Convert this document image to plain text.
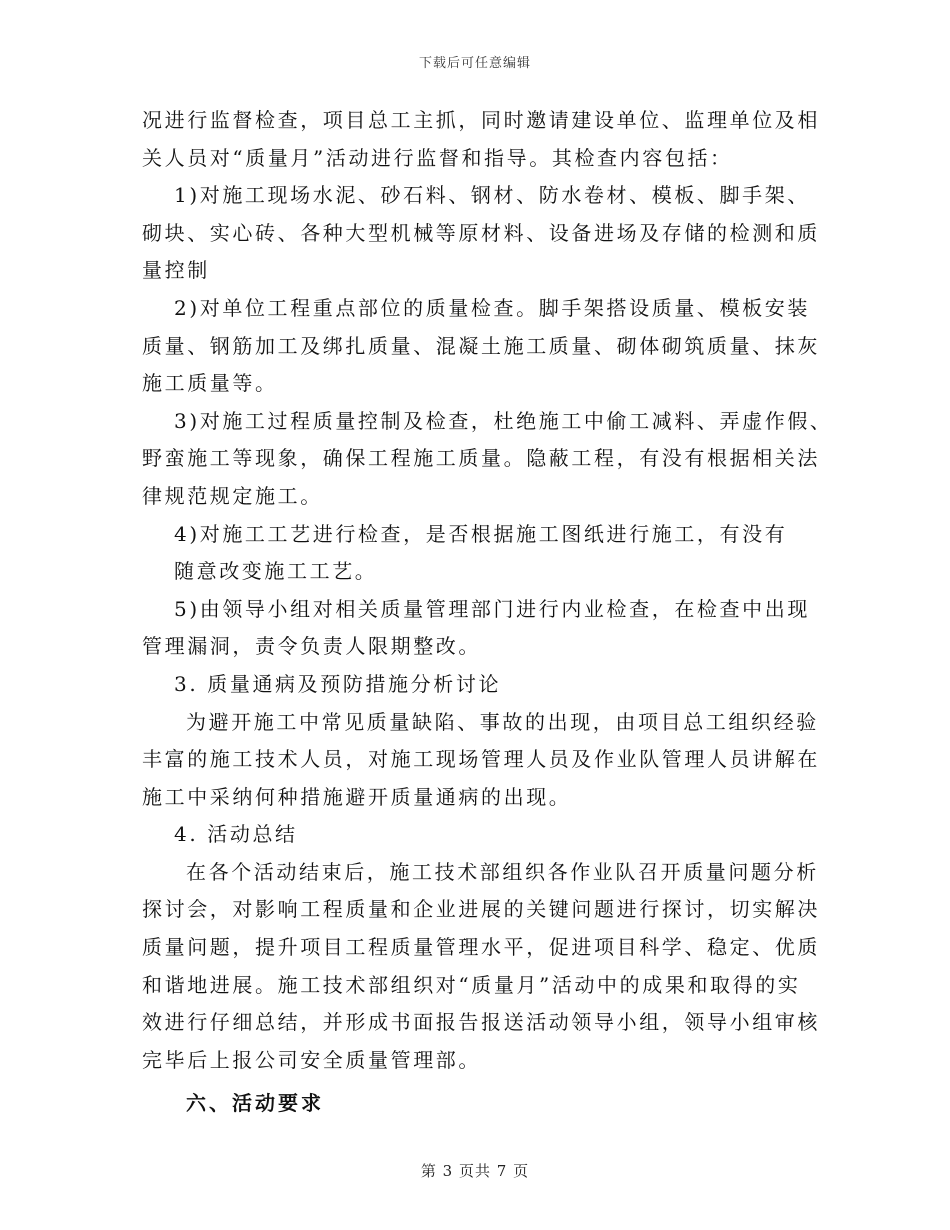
下载后可任意编辑
况进行监督检查，项目总工主抓，同时邀请建设单位、监理单位及相
关人员对“质量月”活动进行监督和指导。其检查内容包括：
1)对施工现场水泥、砂石料、钢材、防水卷材、模板、脚手架、
砌块、实心砖、各种大型机械等原材料、设备进场及存储的检测和质
量控制
2)对单位工程重点部位的质量检查。脚手架搭设质量、模板安装
质量、钢筋加工及绑扎质量、混凝土施工质量、砌体砌筑质量、抹灰
施工质量等。
3)对施工过程质量控制及检查，杜绝施工中偷工减料、弄虚作假、
野蛮施工等现象，确保工程施工质量。隐蔽工程，有没有根据相关法
律规范规定施工。
4)对施工工艺进行检查，是否根据施工图纸进行施工，有没有
随意改变施工工艺。
5)由领导小组对相关质量管理部门进行内业检查，在检查中出现
管理漏洞，责令负责人限期整改。
3. 质量通病及预防措施分析讨论
为避开施工中常见质量缺陷、事故的出现，由项目总工组织经验
丰富的施工技术人员，对施工现场管理人员及作业队管理人员讲解在
施工中采纳何种措施避开质量通病的出现。
4. 活动总结
在各个活动结束后，施工技术部组织各作业队召开质量问题分析
探讨会，对影响工程质量和企业进展的关键问题进行探讨，切实解决
质量问题，提升项目工程质量管理水平，促进项目科学、稳定、优质
和谐地进展。施工技术部组织对“质量月”活动中的成果和取得的实
效进行仔细总结，并形成书面报告报送活动领导小组，领导小组审核
完毕后上报公司安全质量管理部。
六、活动要求
第 3 页共 7 页
